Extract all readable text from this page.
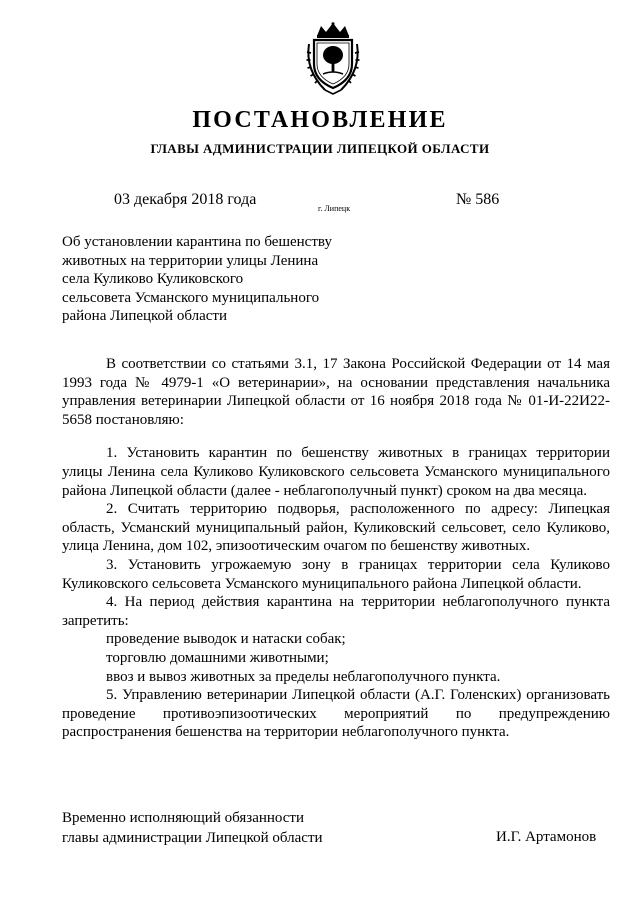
ПОСТАНОВЛЕНИЕ
ГЛАВЫ АДМИНИСТРАЦИИ ЛИПЕЦКОЙ ОБЛАСТИ
03 декабря 2018 года
г. Липецк
№ 586
Об установлении карантина по бешенству
животных на территории улицы Ленина
села Куликово Куликовского
сельсовета Усманского муниципального
района Липецкой области

В соответствии со статьями 3.1, 17 Закона Российской Федерации от 14 мая 1993 года № 4979-1 «О ветеринарии», на основании представления начальника управления ветеринарии Липецкой области от 16 ноября 2018 года № 01-И-22И22-5658 постановляю:

1. Установить карантин по бешенству животных в границах территории улицы Ленина села Куликово Куликовского сельсовета Усманского муниципального района Липецкой области (далее - неблагополучный пункт) сроком на два месяца.

2. Считать территорию подворья, расположенного по адресу: Липецкая область, Усманский муниципальный район, Куликовский сельсовет, село Куликово, улица Ленина, дом 102, эпизоотическим очагом по бешенству животных.

3. Установить угрожаемую зону в границах территории села Куликово Куликовского сельсовета Усманского муниципального района Липецкой области.

4. На период действия карантина на территории неблагополучного пункта запретить:

проведение выводок и натаски собак;

торговлю домашними животными;

ввоз и вывоз животных за пределы неблагополучного пункта.

5. Управлению ветеринарии Липецкой области (А.Г. Голенских) организовать проведение противоэпизоотических мероприятий по предупреждению распространения бешенства на территории неблагополучного пункта.

Временно исполняющий обязанности
главы администрации Липецкой области	И.Г. Артамонов
